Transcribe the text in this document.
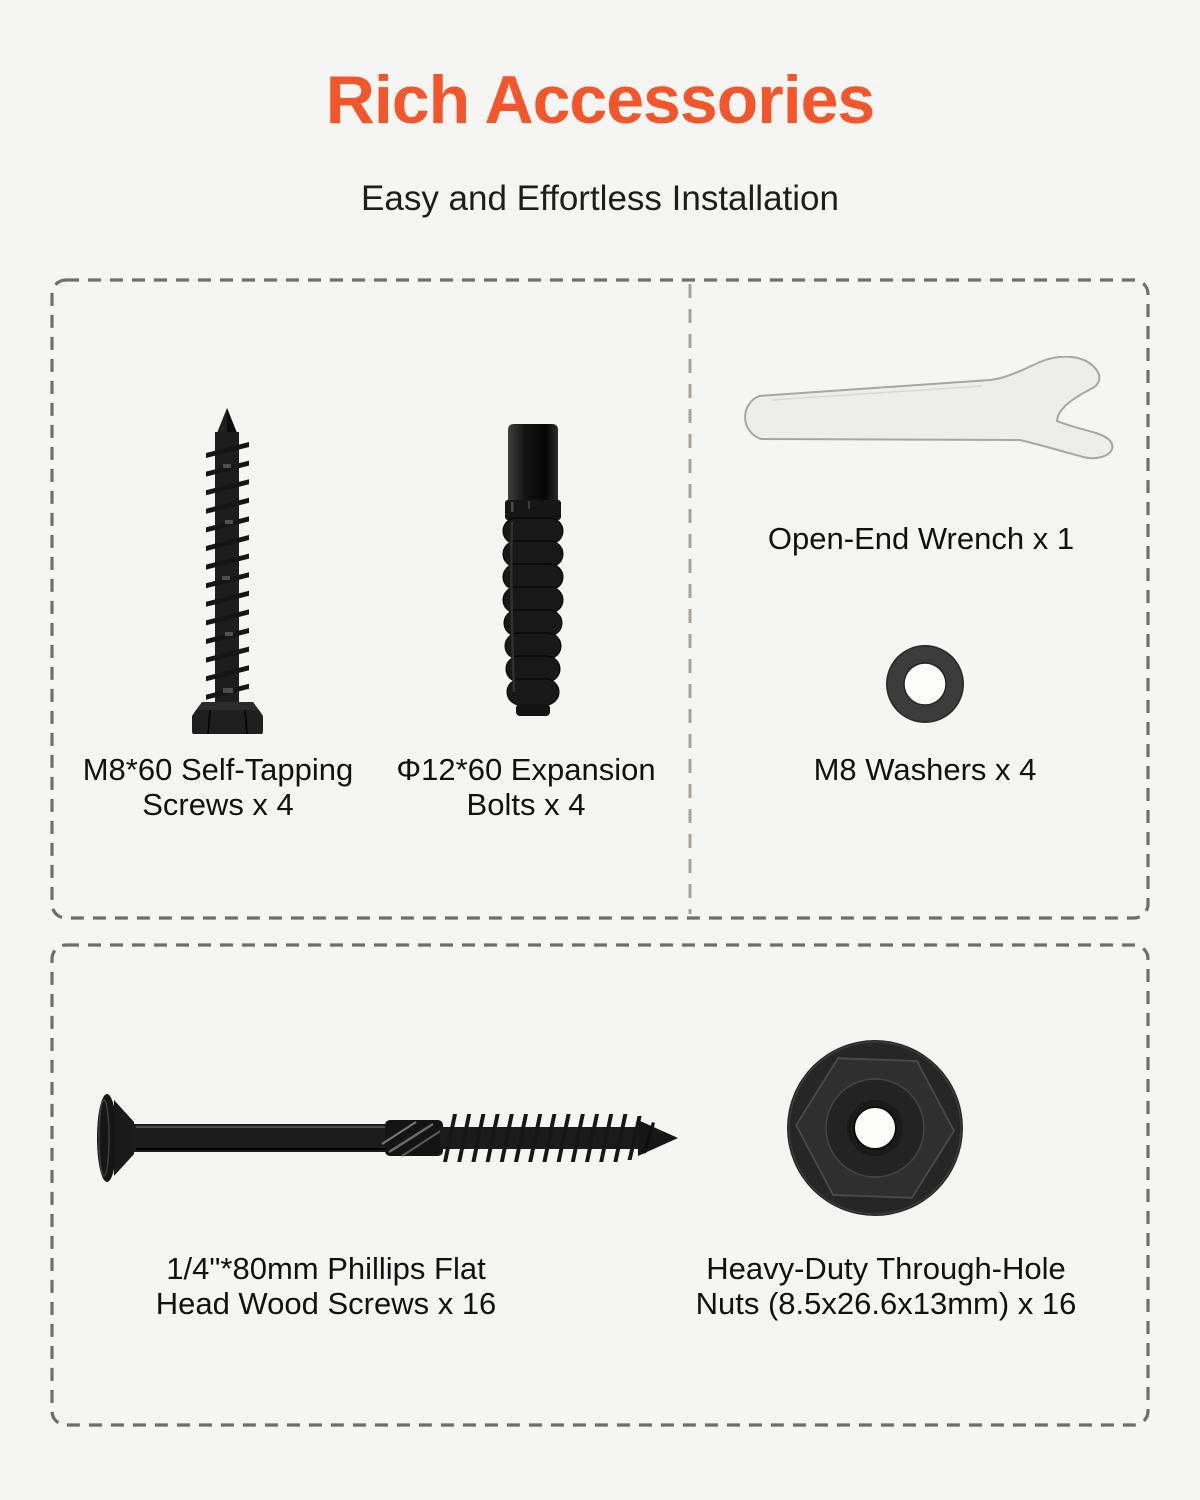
Rich Accessories
Easy and Effortless Installation
M8*60 Self-Tapping
Screws x 4
Φ12*60 Expansion
Bolts x 4
Open-End Wrench x 1
M8 Washers x 4
1/4"*80mm Phillips Flat
Head Wood Screws x 16
Heavy-Duty Through-Hole
Nuts (8.5x26.6x13mm) x 16
